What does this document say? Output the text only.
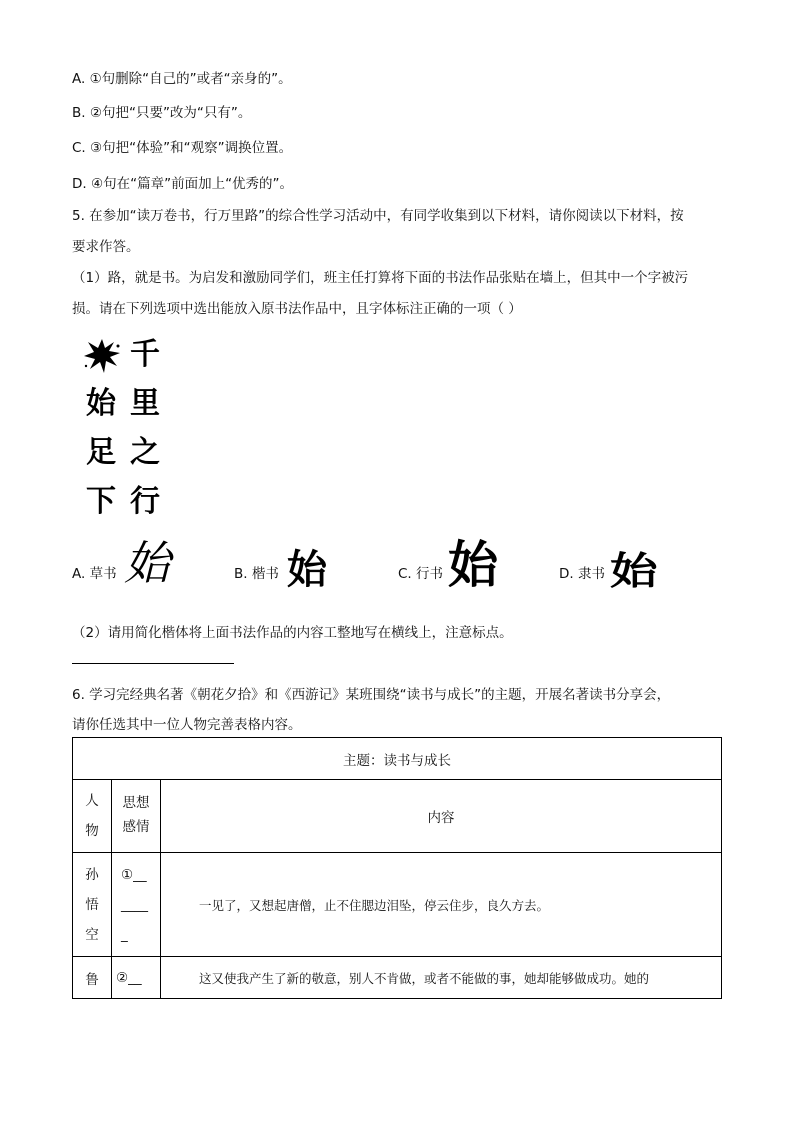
A. ①句删除“自己的”或者“亲身的”。
B. ②句把“只要”改为“只有”。
C. ③句把“体验”和“观察”调换位置。
D. ④句在“篇章”前面加上“优秀的”。
5. 在参加“读万卷书，行万里路”的综合性学习活动中，有同学收集到以下材料，请你阅读以下材料，按
要求作答。
（1）路，就是书。为启发和激励同学们，班主任打算将下面的书法作品张贴在墙上，但其中一个字被污
损。请在下列选项中选出能放入原书法作品中，且字体标注正确的一项（ ）
千
里
之
行
始
足
下
A. 草书 始	B. 楷书 始	C. 行书 始	D. 隶书 始
（2）请用简化楷体将上面书法作品的内容工整地写在横线上，注意标点。
6. 学习完经典名著《朝花夕拾》和《西游记》某班围绕“读书与成长”的主题，开展名著读书分享会，
请你任选其中一位人物完善表格内容。
主题：读书与成长		
人物	思想感情	内容
孙悟空	①_______	一见了，又想起唐僧，止不住腮边泪坠，停云住步，良久方去。
鲁	②__	这又使我产生了新的敬意，别人不肯做，或者不能做的事，她却能够做成功。她的
